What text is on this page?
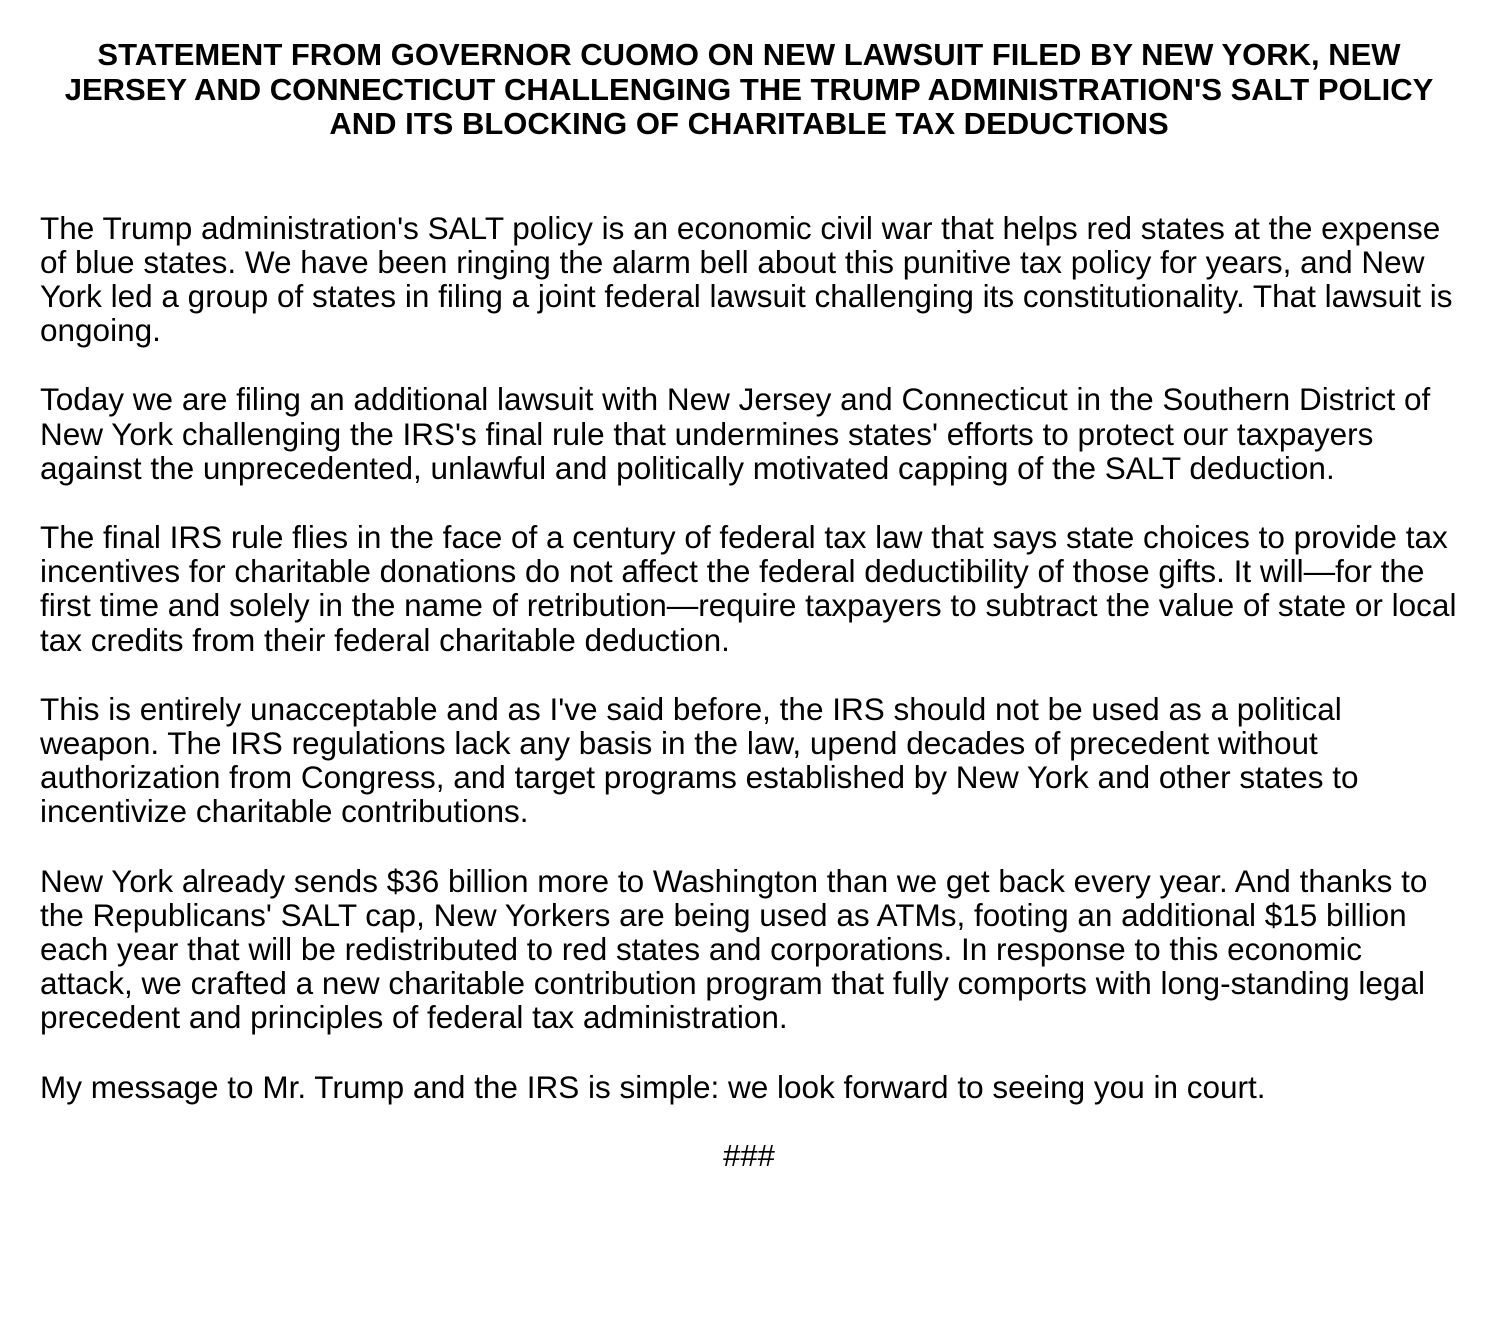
STATEMENT FROM GOVERNOR CUOMO ON NEW LAWSUIT FILED BY NEW YORK, NEW JERSEY AND CONNECTICUT CHALLENGING THE TRUMP ADMINISTRATION'S SALT POLICY AND ITS BLOCKING OF CHARITABLE TAX DEDUCTIONS

The Trump administration's SALT policy is an economic civil war that helps red states at the expense of blue states. We have been ringing the alarm bell about this punitive tax policy for years, and New York led a group of states in filing a joint federal lawsuit challenging its constitutionality. That lawsuit is ongoing.

Today we are filing an additional lawsuit with New Jersey and Connecticut in the Southern District of New York challenging the IRS's final rule that undermines states' efforts to protect our taxpayers against the unprecedented, unlawful and politically motivated capping of the SALT deduction.

The final IRS rule flies in the face of a century of federal tax law that says state choices to provide tax incentives for charitable donations do not affect the federal deductibility of those gifts. It will—for the first time and solely in the name of retribution—require taxpayers to subtract the value of state or local tax credits from their federal charitable deduction.

This is entirely unacceptable and as I've said before, the IRS should not be used as a political weapon. The IRS regulations lack any basis in the law, upend decades of precedent without authorization from Congress, and target programs established by New York and other states to incentivize charitable contributions.

New York already sends $36 billion more to Washington than we get back every year. And thanks to the Republicans' SALT cap, New Yorkers are being used as ATMs, footing an additional $15 billion each year that will be redistributed to red states and corporations. In response to this economic attack, we crafted a new charitable contribution program that fully comports with long-standing legal precedent and principles of federal tax administration.

My message to Mr. Trump and the IRS is simple: we look forward to seeing you in court.

###
